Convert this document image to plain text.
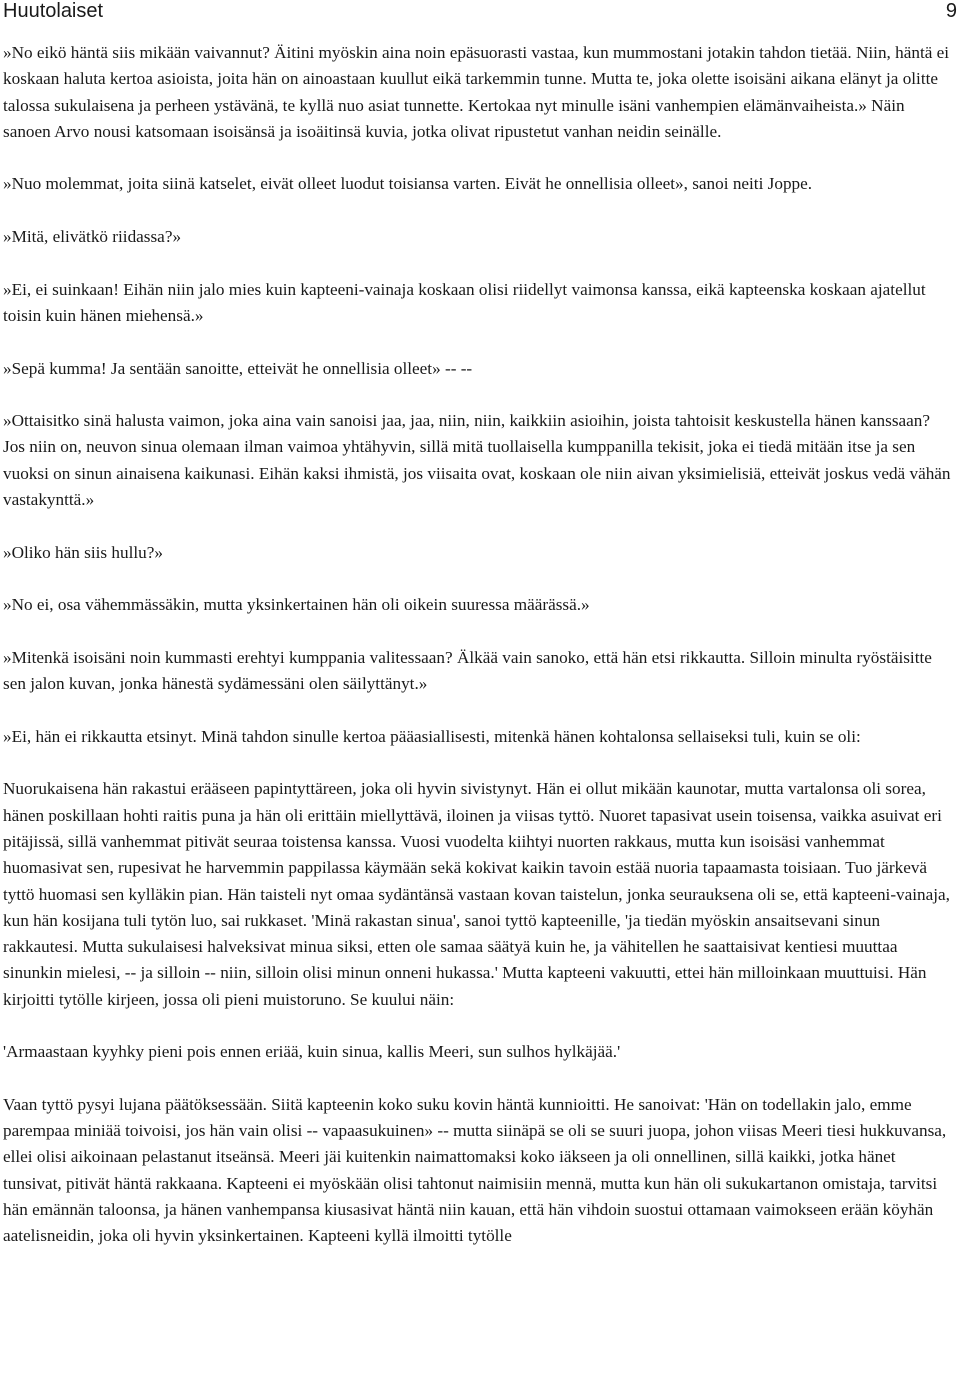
Huutolaiset	9

»No eikö häntä siis mikään vaivannut? Äitini myöskin aina noin epäsuorasti vastaa, kun mummostani jotakin tahdon tietää. Niin, häntä ei koskaan haluta kertoa asioista, joita hän on ainoastaan kuullut eikä tarkemmin tunne. Mutta te, joka olette isoisäni aikana elänyt ja olitte talossa sukulaisena ja perheen ystävänä, te kyllä nuo asiat tunnette. Kertokaa nyt minulle isäni vanhempien elämänvaiheista.» Näin sanoen Arvo nousi katsomaan isoisänsä ja isoäitinsä kuvia, jotka olivat ripustetut vanhan neidin seinälle.

»Nuo molemmat, joita siinä katselet, eivät olleet luodut toisiansa varten. Eivät he onnellisia olleet», sanoi neiti Joppe.

»Mitä, elivätkö riidassa?»

»Ei, ei suinkaan! Eihän niin jalo mies kuin kapteeni-vainaja koskaan olisi riidellyt vaimonsa kanssa, eikä kapteenska koskaan ajatellut toisin kuin hänen miehensä.»

»Sepä kumma! Ja sentään sanoitte, etteivät he onnellisia olleet» -- --

»Ottaisitko sinä halusta vaimon, joka aina vain sanoisi jaa, jaa, niin, niin, kaikkiin asioihin, joista tahtoisit keskustella hänen kanssaan? Jos niin on, neuvon sinua olemaan ilman vaimoa yhtähyvin, sillä mitä tuollaisella kumppanilla tekisit, joka ei tiedä mitään itse ja sen vuoksi on sinun ainaisena kaikunasi. Eihän kaksi ihmistä, jos viisaita ovat, koskaan ole niin aivan yksimielisiä, etteivät joskus vedä vähän vastakynttä.»

»Oliko hän siis hullu?»

»No ei, osa vähemmässäkin, mutta yksinkertainen hän oli oikein suuressa määrässä.»

»Mitenkä isoisäni noin kummasti erehtyi kumppania valitessaan? Älkää vain sanoko, että hän etsi rikkautta. Silloin minulta ryöstäisitte sen jalon kuvan, jonka hänestä sydämessäni olen säilyttänyt.»

»Ei, hän ei rikkautta etsinyt. Minä tahdon sinulle kertoa pääasiallisesti, mitenkä hänen kohtalonsa sellaiseksi tuli, kuin se oli:

Nuorukaisena hän rakastui erääseen papintyttäreen, joka oli hyvin sivistynyt. Hän ei ollut mikään kaunotar, mutta vartalonsa oli sorea, hänen poskillaan hohti raitis puna ja hän oli erittäin miellyttävä, iloinen ja viisas tyttö. Nuoret tapasivat usein toisensa, vaikka asuivat eri pitäjissä, sillä vanhemmat pitivät seuraa toistensa kanssa. Vuosi vuodelta kiihtyi nuorten rakkaus, mutta kun isoisäsi vanhemmat huomasivat sen, rupesivat he harvemmin pappilassa käymään sekä kokivat kaikin tavoin estää nuoria tapaamasta toisiaan. Tuo järkevä tyttö huomasi sen kylläkin pian. Hän taisteli nyt omaa sydäntänsä vastaan kovan taistelun, jonka seurauksena oli se, että kapteeni-vainaja, kun hän kosijana tuli tytön luo, sai rukkaset. 'Minä rakastan sinua', sanoi tyttö kapteenille, 'ja tiedän myöskin ansaitsevani sinun rakkautesi. Mutta sukulaisesi halveksivat minua siksi, etten ole samaa säätyä kuin he, ja vähitellen he saattaisivat kentiesi muuttaa sinunkin mielesi, -- ja silloin -- niin, silloin olisi minun onneni hukassa.' Mutta kapteeni vakuutti, ettei hän milloinkaan muuttuisi. Hän kirjoitti tytölle kirjeen, jossa oli pieni muistoruno. Se kuului näin:

'Armaastaan kyyhky pieni pois ennen eriää, kuin sinua, kallis Meeri, sun sulhos hylkäjää.'

Vaan tyttö pysyi lujana päätöksessään. Siitä kapteenin koko suku kovin häntä kunnioitti. He sanoivat: 'Hän on todellakin jalo, emme parempaa miniää toivoisi, jos hän vain olisi -- vapaasukuinen» -- mutta siinäpä se oli se suuri juopa, johon viisas Meeri tiesi hukkuvansa, ellei olisi aikoinaan pelastanut itseänsä. Meeri jäi kuitenkin naimattomaksi koko iäkseen ja oli onnellinen, sillä kaikki, jotka hänet tunsivat, pitivät häntä rakkaana. Kapteeni ei myöskään olisi tahtonut naimisiin mennä, mutta kun hän oli sukukartanon omistaja, tarvitsi hän emännän taloonsa, ja hänen vanhempansa kiusasivat häntä niin kauan, että hän vihdoin suostui ottamaan vaimokseen erään köyhän aatelisneidin, joka oli hyvin yksinkertainen. Kapteeni kyllä ilmoitti tytölle
